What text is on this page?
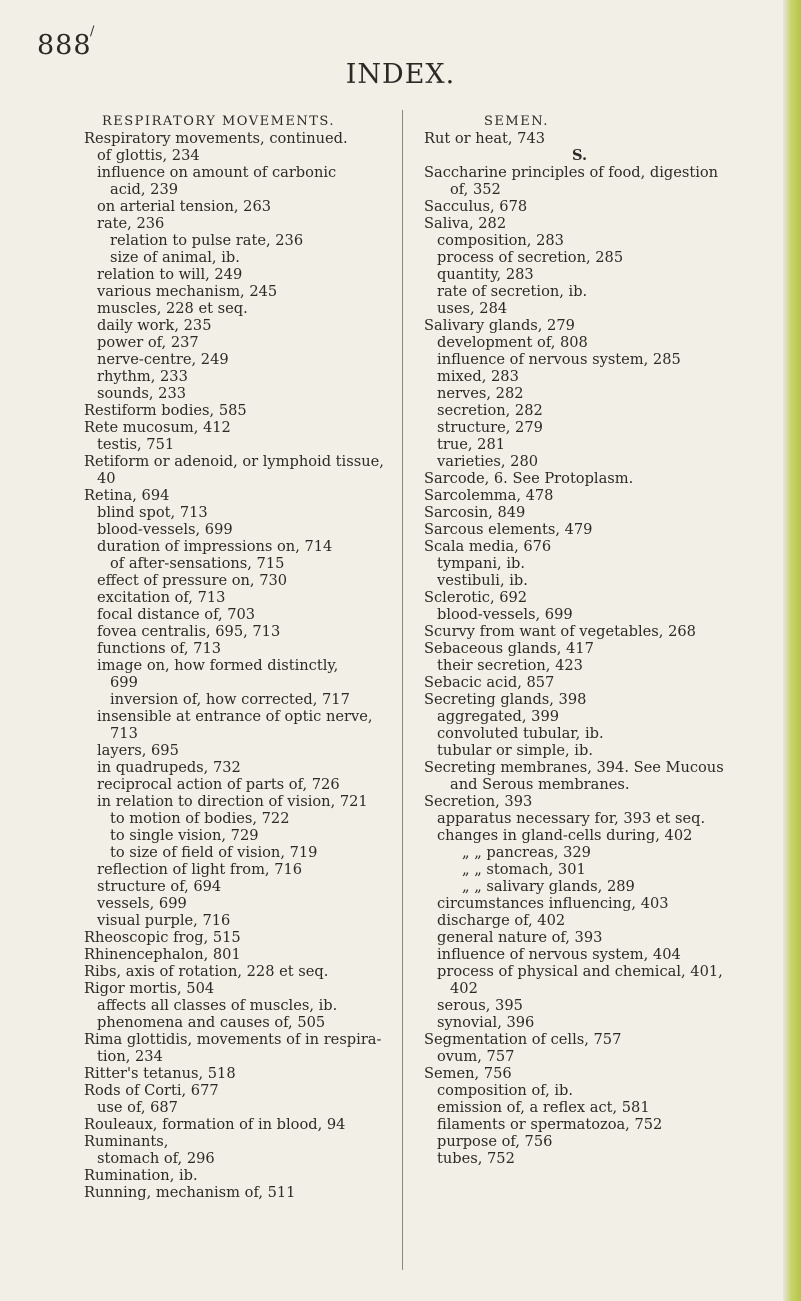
/
888
INDEX.
RESPIRATORY MOVEMENTS.
Respiratory movements, continued.
of glottis, 234
influence on amount of carbonic
acid, 239
on arterial tension, 263
rate, 236
relation to pulse rate, 236
size of animal, ib.
relation to will, 249
various mechanism, 245
muscles, 228 et seq.
daily work, 235
power of, 237
nerve-centre, 249
rhythm, 233
sounds, 233
Restiform bodies, 585
Rete mucosum, 412
testis, 751
Retiform or adenoid, or lymphoid tissue,
40
Retina, 694
blind spot, 713
blood-vessels, 699
duration of impressions on, 714
of after-sensations, 715
effect of pressure on, 730
excitation of, 713
focal distance of, 703
fovea centralis, 695, 713
functions of, 713
image on, how formed distinctly,
699
inversion of, how corrected, 717
insensible at entrance of optic nerve,
713
layers, 695
in quadrupeds, 732
reciprocal action of parts of, 726
in relation to direction of vision, 721
to motion of bodies, 722
to single vision, 729
to size of field of vision, 719
reflection of light from, 716
structure of, 694
vessels, 699
visual purple, 716
Rheoscopic frog, 515
Rhinencephalon, 801
Ribs, axis of rotation, 228 et seq.
Rigor mortis, 504
affects all classes of muscles, ib.
phenomena and causes of, 505
Rima glottidis, movements of in respira-
tion, 234
Ritter's tetanus, 518
Rods of Corti, 677
use of, 687
Rouleaux, formation of in blood, 94
Ruminants,
stomach of, 296
Rumination, ib.
Running, mechanism of, 511
SEMEN.
Rut or heat, 743
S.
Saccharine principles of food, digestion
of, 352
Sacculus, 678
Saliva, 282
composition, 283
process of secretion, 285
quantity, 283
rate of secretion, ib.
uses, 284
Salivary glands, 279
development of, 808
influence of nervous system, 285
mixed, 283
nerves, 282
secretion, 282
structure, 279
true, 281
varieties, 280
Sarcode, 6. See Protoplasm.
Sarcolemma, 478
Sarcosin, 849
Sarcous elements, 479
Scala media, 676
tympani, ib.
vestibuli, ib.
Sclerotic, 692
blood-vessels, 699
Scurvy from want of vegetables, 268
Sebaceous glands, 417
their secretion, 423
Sebacic acid, 857
Secreting glands, 398
aggregated, 399
convoluted tubular, ib.
tubular or simple, ib.
Secreting membranes, 394. See Mucous
and Serous membranes.
Secretion, 393
apparatus necessary for, 393 et seq.
changes in gland-cells during, 402
„ „ pancreas, 329
„ „ stomach, 301
„ „ salivary glands, 289
circumstances influencing, 403
discharge of, 402
general nature of, 393
influence of nervous system, 404
process of physical and chemical, 401,
402
serous, 395
synovial, 396
Segmentation of cells, 757
ovum, 757
Semen, 756
composition of, ib.
emission of, a reflex act, 581
filaments or spermatozoa, 752
purpose of, 756
tubes, 752
